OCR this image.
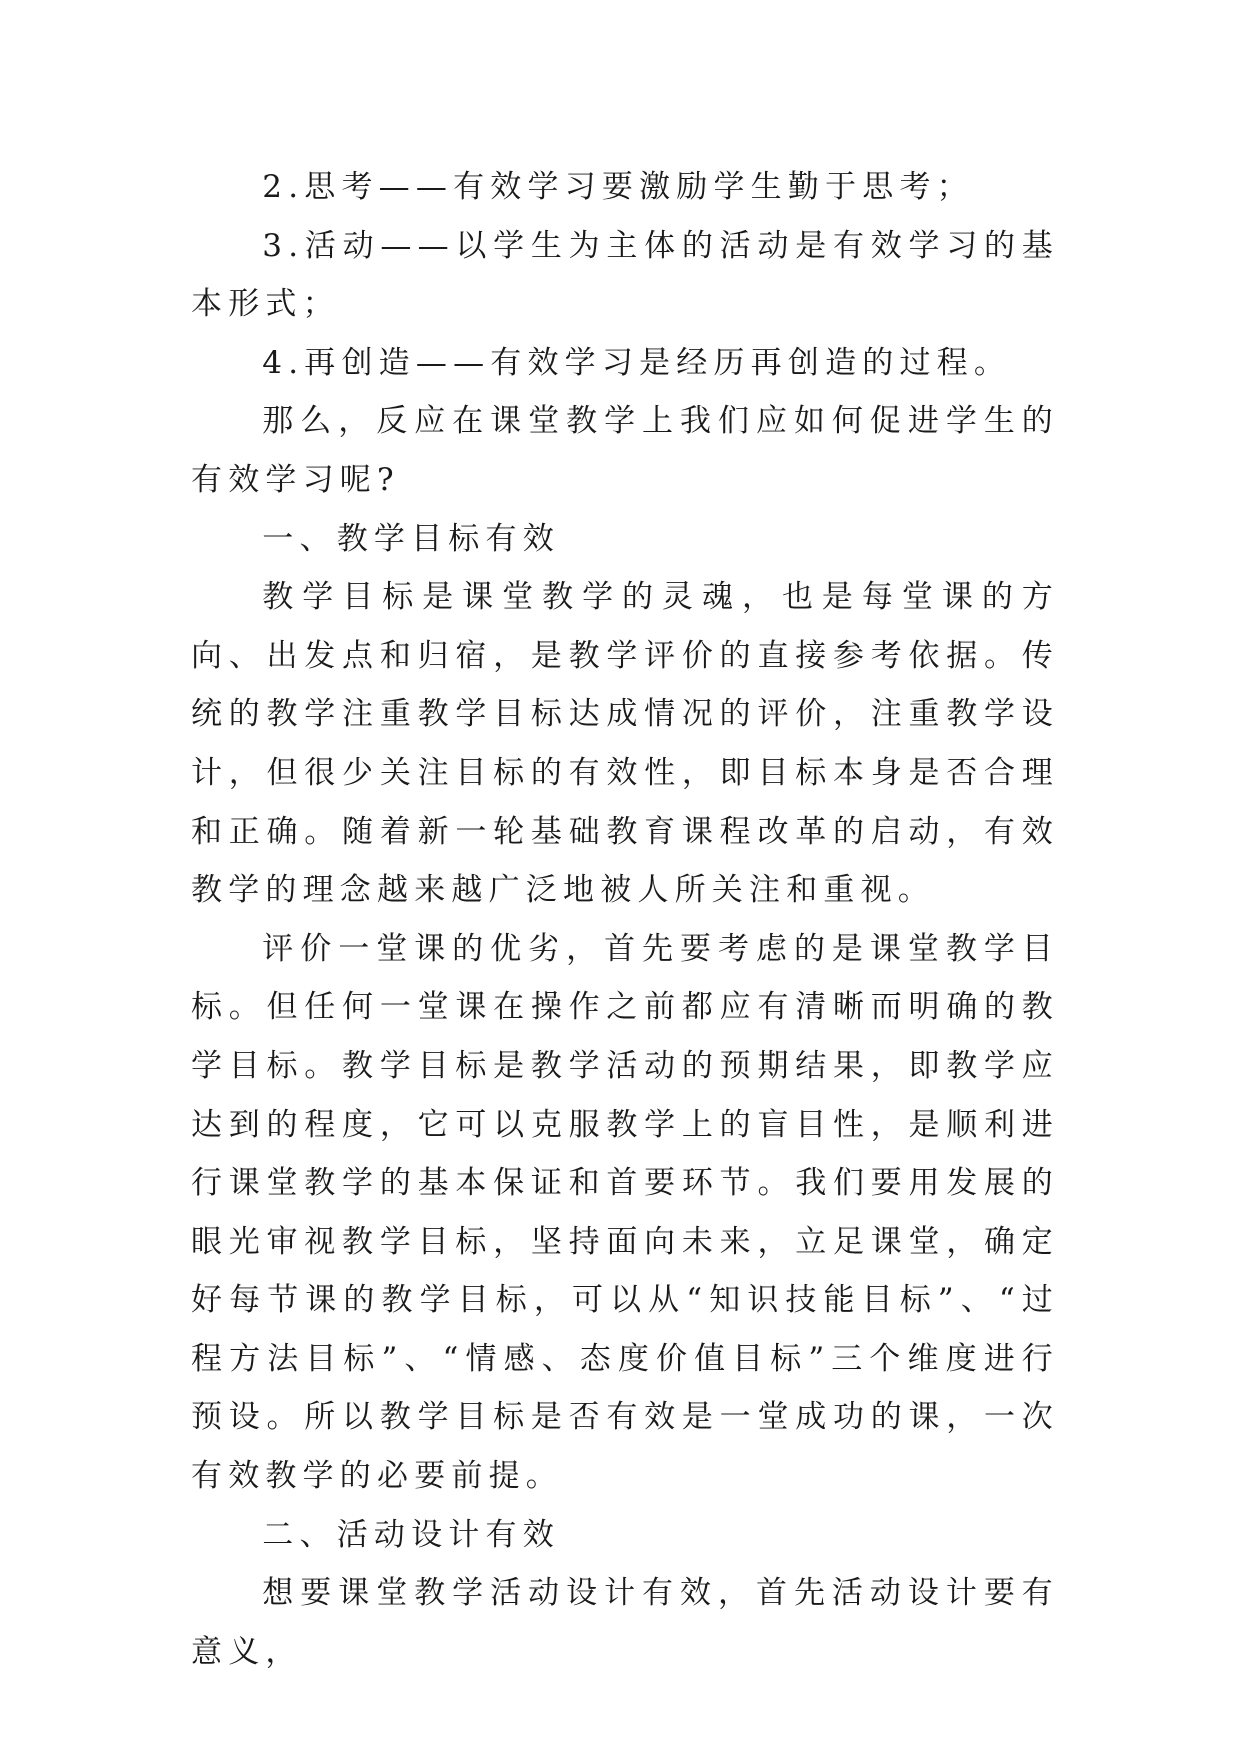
2.思考——有效学习要激励学生勤于思考；

3.活动——以学生为主体的活动是有效学习的基本形式；

4.再创造——有效学习是经历再创造的过程。

那么，反应在课堂教学上我们应如何促进学生的有效学习呢?

一、教学目标有效

教学目标是课堂教学的灵魂，也是每堂课的方向、出发点和归宿，是教学评价的直接参考依据。传统的教学注重教学目标达成情况的评价，注重教学设计，但很少关注目标的有效性，即目标本身是否合理和正确。随着新一轮基础教育课程改革的启动，有效教学的理念越来越广泛地被人所关注和重视。

评价一堂课的优劣，首先要考虑的是课堂教学目标。但任何一堂课在操作之前都应有清晰而明确的教学目标。教学目标是教学活动的预期结果，即教学应达到的程度，它可以克服教学上的盲目性，是顺利进行课堂教学的基本保证和首要环节。我们要用发展的眼光审视教学目标，坚持面向未来，立足课堂，确定好每节课的教学目标，可以从“知识技能目标”、“过程方法目标”、“情感、态度价值目标”三个维度进行预设。所以教学目标是否有效是一堂成功的课，一次有效教学的必要前提。

二、活动设计有效

想要课堂教学活动设计有效，首先活动设计要有意义，
